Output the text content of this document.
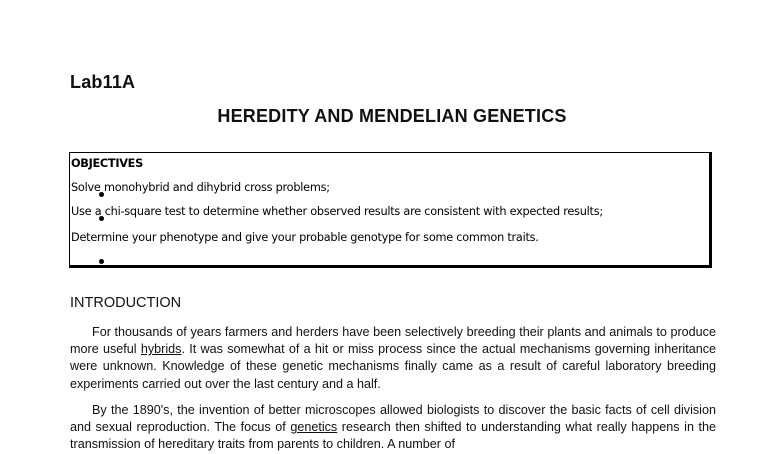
Lab11A
HEREDITY AND MENDELIAN GENETICS
OBJECTIVES
Solve monohybrid and dihybrid cross problems;
Use a chi-square test to determine whether observed results are consistent with expected results;
Determine your phenotype and give your probable genotype for some common traits.
INTRODUCTION

For thousands of years farmers and herders have been selectively breeding their plants and animals to produce more useful hybrids. It was somewhat of a hit or miss process since the actual mechanisms governing inheritance were unknown. Knowledge of these genetic mechanisms finally came as a result of careful laboratory breeding experiments carried out over the last century and a half.

By the 1890's, the invention of better microscopes allowed biologists to discover the basic facts of cell division and sexual reproduction. The focus of genetics research then shifted to understanding what really happens in the transmission of hereditary traits from parents to children. A number of
